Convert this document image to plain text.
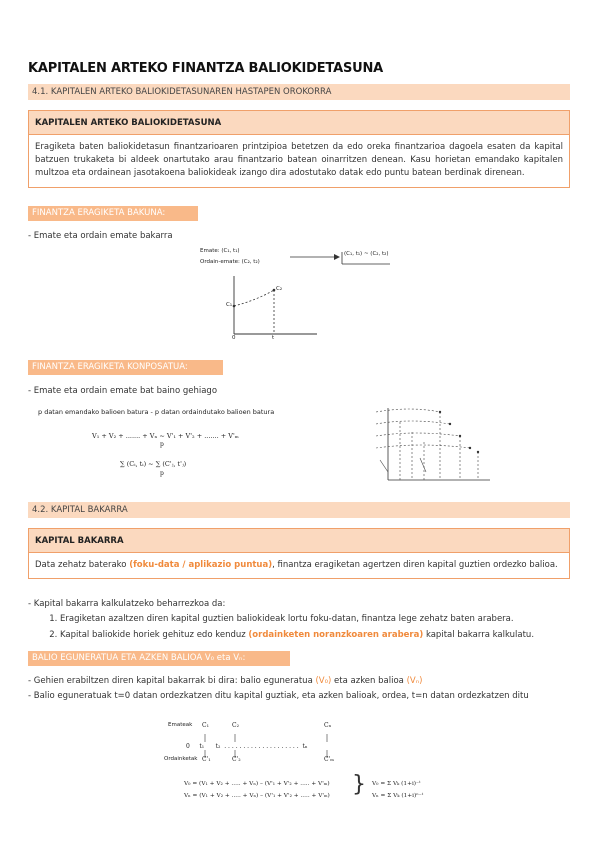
KAPITALEN ARTEKO FINANTZA BALIOKIDETASUNA
4.1. KAPITALEN ARTEKO BALIOKIDETASUNAREN HASTAPEN OROKORRA
KAPITALEN ARTEKO BALIOKIDETASUNA
Eragiketa baten baliokidetasun finantzarioaren printzipioa betetzen da edo oreka finantzarioa dagoela esaten da kapital batzuen trukaketa bi aldeek onartutako arau finantzario batean oinarritzen denean. Kasu horietan emandako kapitalen multzoa eta ordainean jasotakoena baliokideak izango dira adostutako datak edo puntu batean berdinak direnean.
FINANTZA ERAGIKETA BAKUNA:
- Emate eta ordain emate bakarra
Emate: (C₁, t₁)
Ordain-emate: (C₂, t₂)
(C₁, t₁) ~ (C₂, t₂)
C₁
C₂
0	t
FINANTZA ERAGIKETA KONPOSATUA:
- Emate eta ordain emate bat baino gehiago
p datan emandako balioen batura - p datan ordaindutako balioen batura
V₁ + V₂ + ....... + Vₙ ~ V'₁ + V'₂ + ....... + V'ₘ
p
∑ (Cᵢ, tᵢ) ~ ∑ (C'ⱼ, t'ⱼ)
p
4.2. KAPITAL BAKARRA
KAPITAL BAKARRA
Data zehatz baterako (foku-data / aplikazio puntua), finantza eragiketan agertzen diren kapital guztien ordezko balioa.
- Kapital bakarra kalkulatzeko beharrezkoa da:
1. Eragiketan azaltzen diren kapital guztien baliokideak lortu foku-datan, finantza lege zehatz baten arabera.
2. Kapital baliokide horiek gehituz edo kenduz (ordainketen noranzkoaren arabera) kapital bakarra kalkulatu.
BALIO EGUNERATUA ETA AZKEN BALIOA V₀ eta Vₙ:
- Gehien erabiltzen diren kapital bakarrak bi dira: balio eguneratua (V₀) eta azken balioa (Vₙ)
- Balio eguneratuak t=0 datan ordezkatzen ditu kapital guztiak, eta azken balioak, ordea, t=n datan ordezkatzen ditu
Emateak C₁	C₂	Cₙ
0     t₁      t₂  . . . . . . . . . . . . . . . . . . . .  tₙ
Ordainketak C'₁	C'₂	C'ₘ
V₀ = (V₁ + V₂ + ..... + Vₙ) – (V'₁ + V'₂ + ..... + V'ₘ)
Vₙ = (V₁ + V₂ + ..... + Vₙ) – (V'₁ + V'₂ + ..... + V'ₘ) } V₀ = Σ Vₖ (1+i)⁻ᵗ
Vₙ = Σ Vₖ (1+i)ⁿ⁻ᵗ
